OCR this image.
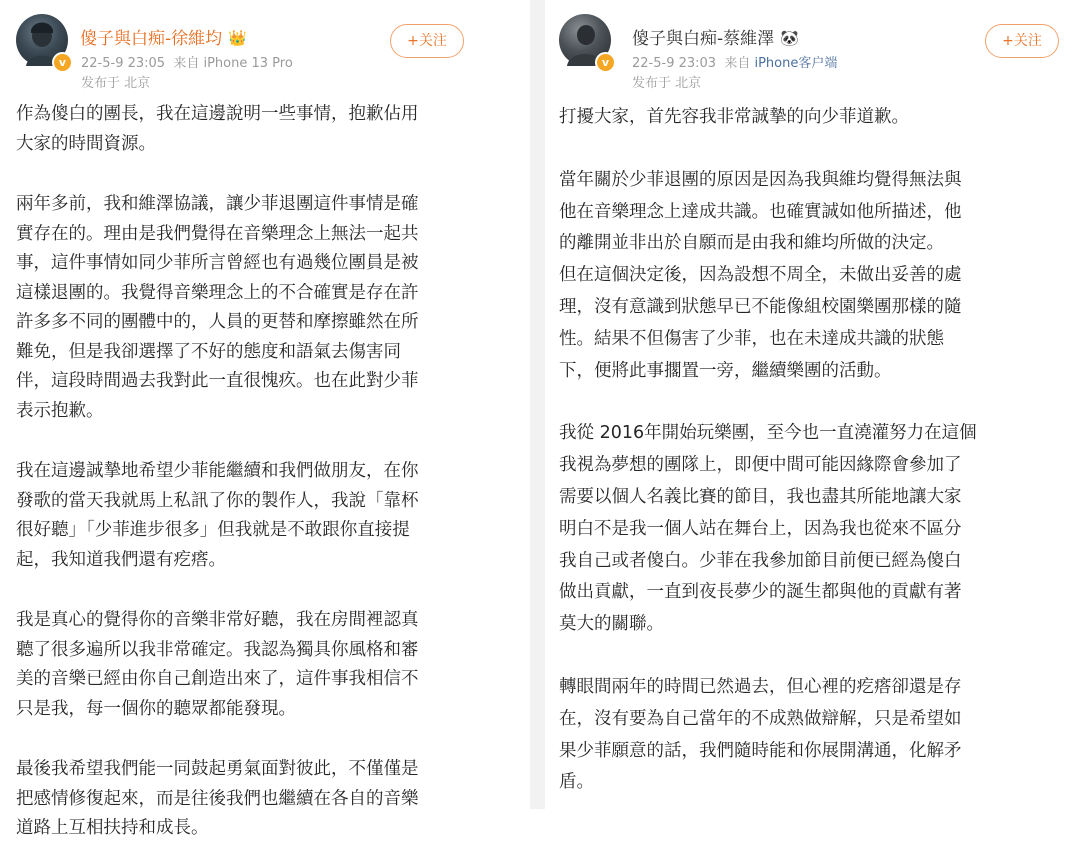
v
傻子與白痴-徐維均 👑
22-5-9 23:05 来自 iPhone 13 Pro
发布于 北京
+关注
作為傻白的團長，我在這邊說明一些事情，抱歉佔用
大家的時間資源。
兩年多前，我和維澤協議，讓少菲退團這件事情是確
實存在的。理由是我們覺得在音樂理念上無法一起共
事，這件事情如同少菲所言曾經也有過幾位團員是被
這樣退團的。我覺得音樂理念上的不合確實是存在許
許多多不同的團體中的，人員的更替和摩擦雖然在所
難免，但是我卻選擇了不好的態度和語氣去傷害同
伴，這段時間過去我對此一直很愧疚。也在此對少菲
表示抱歉。
我在這邊誠摯地希望少菲能繼續和我們做朋友，在你
發歌的當天我就馬上私訊了你的製作人，我說「靠杯
很好聽」「少菲進步很多」但我就是不敢跟你直接提
起，我知道我們還有疙瘩。
我是真心的覺得你的音樂非常好聽，我在房間裡認真
聽了很多遍所以我非常確定。我認為獨具你風格和審
美的音樂已經由你自己創造出來了，這件事我相信不
只是我，每一個你的聽眾都能發現。
最後我希望我們能一同鼓起勇氣面對彼此，不僅僅是
把感情修復起來，而是往後我們也繼續在各自的音樂
道路上互相扶持和成長。
v
傻子與白痴-蔡維澤 🐼
22-5-9 23:03 来自 iPhone客户端
发布于 北京
+关注
打擾大家，首先容我非常誠摯的向少菲道歉。
當年關於少菲退團的原因是因為我與維均覺得無法與
他在音樂理念上達成共識。也確實誠如他所描述，他
的離開並非出於自願而是由我和維均所做的決定。
但在這個決定後，因為設想不周全，未做出妥善的處
理，沒有意識到狀態早已不能像組校園樂團那樣的隨
性。結果不但傷害了少菲，也在未達成共識的狀態
下，便將此事擱置一旁，繼續樂團的活動。
我從 2016年開始玩樂團，至今也一直澆灌努力在這個
我視為夢想的團隊上，即便中間可能因緣際會參加了
需要以個人名義比賽的節目，我也盡其所能地讓大家
明白不是我一個人站在舞台上，因為我也從來不區分
我自己或者傻白。少菲在我參加節目前便已經為傻白
做出貢獻，一直到夜長夢少的誕生都與他的貢獻有著
莫大的關聯。
轉眼間兩年的時間已然過去，但心裡的疙瘩卻還是存
在，沒有要為自己當年的不成熟做辯解，只是希望如
果少菲願意的話，我們隨時能和你展開溝通，化解矛
盾。
